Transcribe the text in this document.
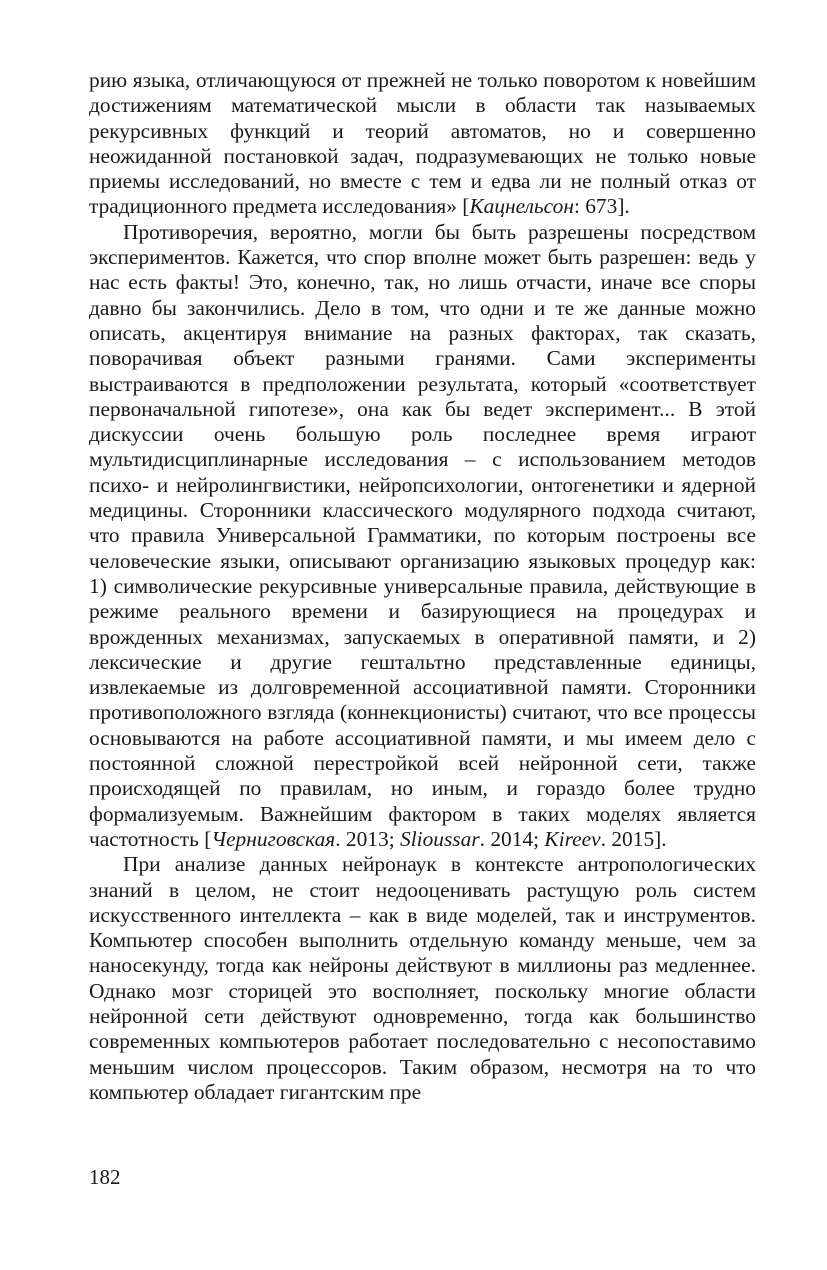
рию языка, отличающуюся от прежней не только поворотом к новейшим достижениям математической мысли в области так называемых рекурсивных функций и теорий автоматов, но и совершенно неожиданной постановкой задач, подразумевающих не только новые приемы исследований, но вместе с тем и едва ли не полный отказ от традиционного предмета исследования» [Кацнельсон: 673].

Противоречия, вероятно, могли бы быть разрешены посредством экспериментов. Кажется, что спор вполне может быть разрешен: ведь у нас есть факты! Это, конечно, так, но лишь отчасти, иначе все споры давно бы закончились. Дело в том, что одни и те же данные можно описать, акцентируя внимание на разных факторах, так сказать, поворачивая объект разными гранями. Сами эксперименты выстраиваются в предположении результата, который «соответствует первоначальной гипотезе», она как бы ведет эксперимент... В этой дискуссии очень большую роль последнее время играют мультидисциплинарные исследования – с использованием методов психо- и нейролингвистики, нейропсихологии, онтогенетики и ядерной медицины. Сторонники классического модулярного подхода считают, что правила Универсальной Грамматики, по которым построены все человеческие языки, описывают организацию языковых процедур как: 1) символические рекурсивные универсальные правила, действующие в режиме реального времени и базирующиеся на процедурах и врожденных механизмах, запускаемых в оперативной памяти, и 2) лексические и другие гештальтно представленные единицы, извлекаемые из долговременной ассоциативной памяти. Сторонники противоположного взгляда (коннекционисты) считают, что все процессы основываются на работе ассоциативной памяти, и мы имеем дело с постоянной сложной перестройкой всей нейронной сети, также происходящей по правилам, но иным, и гораздо более трудно формализуемым. Важнейшим фактором в таких моделях является частотность [Черниговская. 2013; Slioussar. 2014; Kireev. 2015].

При анализе данных нейронаук в контексте антропологических знаний в целом, не стоит недооценивать растущую роль систем искусственного интеллекта – как в виде моделей, так и инструментов. Компьютер способен выполнить отдельную команду меньше, чем за наносекунду, тогда как нейроны действуют в миллионы раз медленнее. Однако мозг сторицей это восполняет, поскольку многие области нейронной сети действуют одновременно, тогда как большинство современных компьютеров работает последовательно с несопоставимо меньшим числом процессоров. Таким образом, несмотря на то что компьютер обладает гигантским пре

182
